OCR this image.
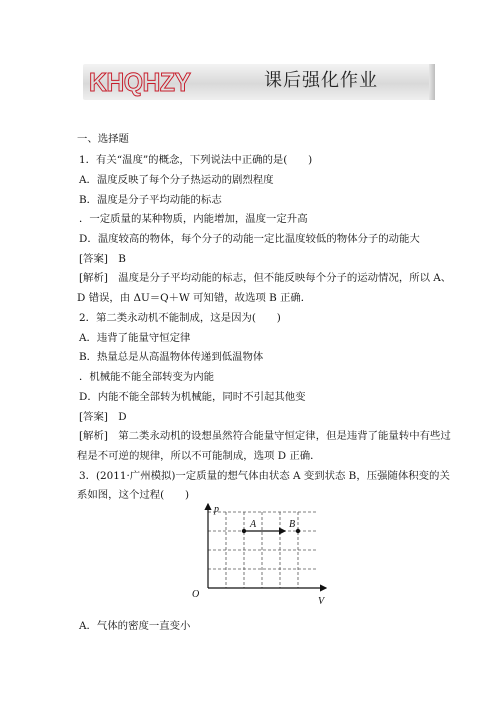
KHQHZY	课后强化作业
一、选择题
1．有关“温度”的概念，下列说法中正确的是(　　)
A．温度反映了每个分子热运动的剧烈程度
B．温度是分子平均动能的标志
．一定质量的某种物质，内能增加，温度一定升高
D．温度较高的物体，每个分子的动能一定比温度较低的物体分子的动能大
[答案]　B
[解析]　温度是分子平均动能的标志，但不能反映每个分子的运动情况，所以 A、
D 错误，由 ΔU＝Q＋W 可知错，故选项 B 正确．
2．第二类永动机不能制成，这是因为(　　)
A．违背了能量守恒定律
B．热量总是从高温物体传递到低温物体
．机械能不能全部转变为内能
D．内能不能全部转为机械能，同时不引起其他变
[答案]　D
[解析]　第二类永动机的设想虽然符合能量守恒定律，但是违背了能量转中有些过
程是不可逆的规律，所以不可能制成，选项 D 正确．
3．(2011·广州模拟)一定质量的想气体由状态 A 变到状态 B，压强随体积变的关
系如图，这个过程(　　)
A	B
p
V
O
A．气体的密度一直变小
